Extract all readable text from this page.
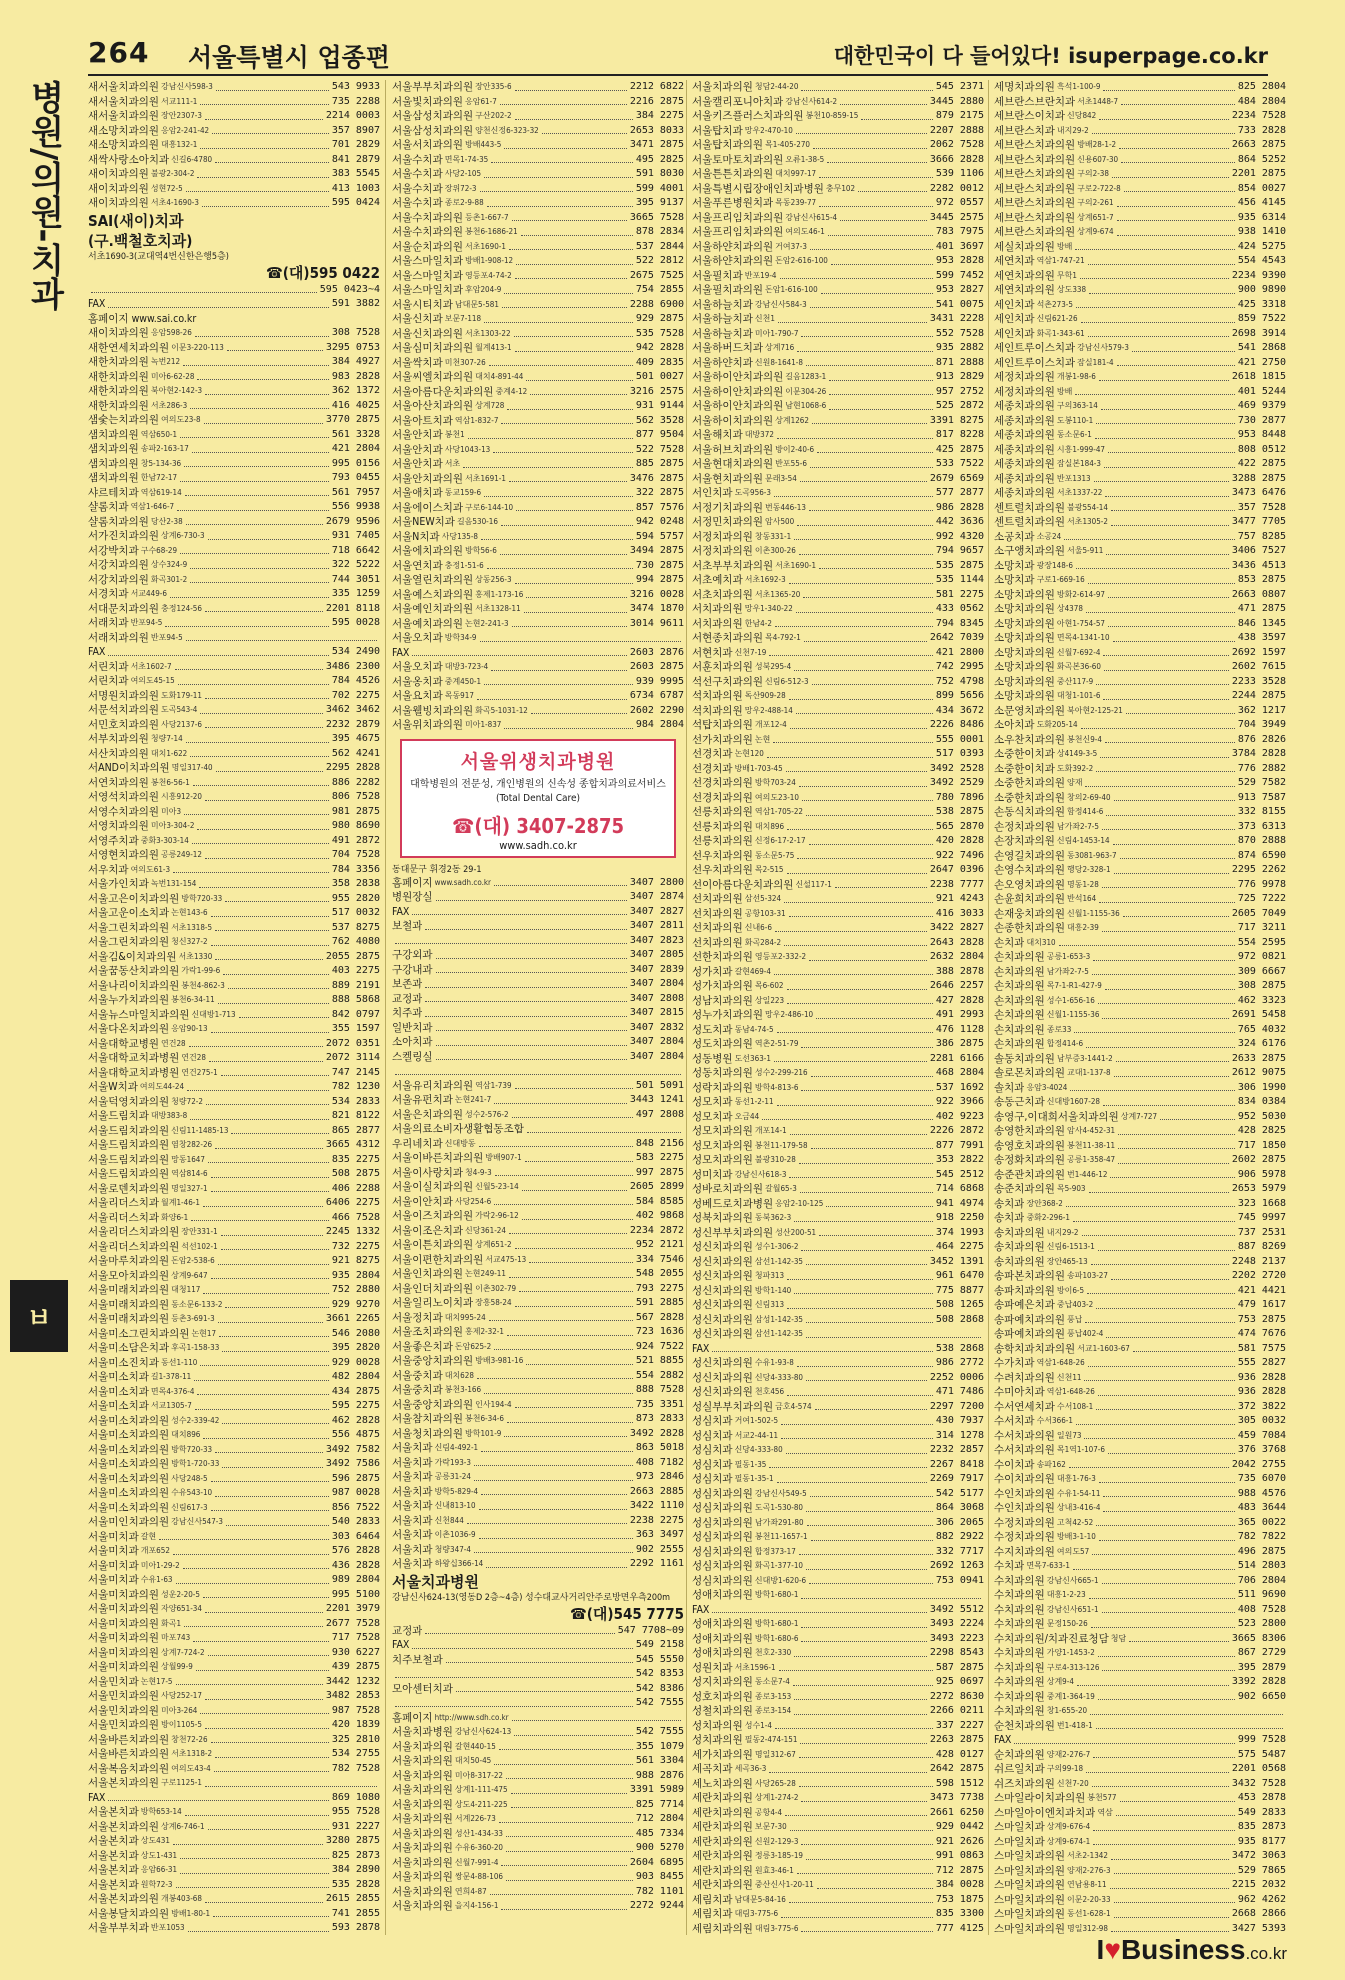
264 서울특별시 업종편	대한민국이 다 들어있다! isuperpage.co.kr
병원/의원-치과
ㅂ
새서울치과의원 강남신사598-3	543 9933
새서울치과의원 서교111-1	735 2288
새서울치과의원 장안2307-3	2214 0003
새소망치과의원 응암2-241-42	357 8907
새소망치과의원 대흥132-1	701 2829
새싹사랑소아치과 신길6-4780	841 2879
새이치과의원 불광2-304-2	383 5545
새이치과의원 성현72-5	413 1003
새이치과의원 서초4-1690-3	595 0424
SAI(새이)치과
(구.백철호치과)
서초1690-3(교대역4번신한은행5층)
☎(대)595 0422
595 0423~4
FAX	591 3882
홈페이지 www.sai.co.kr
새이치과의원 응암598-26	308 7528
새한연세치과의원 이문3-220-113	3295 0753
새한치과의원 녹번212	384 4927
새한치과의원 미아6-62-28	983 2828
새한치과의원 북아현2-142-3	362 1372
새한치과의원 서초286-3	416 4025
샘숯는치과의원 여의도23-8	3770 2875
샘치과의원 역삼650-1	561 3328
샘치과의원 송파2-163-17	421 2804
샘치과의원 창5-134-36	995 0156
샘치과의원 한남72-17	793 0455
샤르테치과 역삼619-14	561 7957
샬롬치과 역삼1-646-7	556 9938
샬롬치과의원 당산2-38	2679 9596
서가진치과의원 상계6-730-3	931 7405
서강박치과 구수68-29	718 6642
서강치과의원 상수324-9	322 5222
서강치과의원 화곡301-2	744 3051
서경치과 서교449-6	335 1259
서대문치과의원 충정124-56	2201 8118
서래치과 반포94-5	595 0028
서래치과의원 반포94-5
FAX	534 2490
서린치과 서초1602-7	3486 2300
서린치과 여의도45-15	784 4526
서명원치과의원 도화179-11	702 2275
서문석치과의원 도곡543-4	3462 3462
서민호치과의원 사당2137-6	2232 2879
서부치과의원 청량7-14	395 4675
서산치과의원 대치1-622	562 4241
서AND이치과의원 명일317-40	2295 2828
서연치과의원 봉천6-56-1	886 2282
서영석치과의원 시흥912-20	806 7528
서영수치과의원 미아3	981 2875
서영치과의원 미아3-304-2	980 8690
서영주치과 중화3-303-14	491 2872
서영현치과의원 공릉249-12	704 7528
서우치과 여의도61-3	784 3356
서울가인치과 녹번131-154	358 2838
서울고은이치과의원 방학720-33	955 2820
서울고운이소치과 논현143-6	517 0032
서울그린치과의원 서초1318-5	537 8275
서울그린치과의원 청신327-2	762 4080
서울김&이치과의원 서초1330	2055 2875
서울꿈동산치과의원 가락1-99-6	403 2275
서울나리이치과의원 봉천4-862-3	889 2191
서울누가치과의원 봉천6-34-11	888 5868
서울뉴스마일치과의원 신대방1-713	842 0797
서울다온치과의원 응암90-13	355 1597
서울대학교병원 연건28	2072 0351
서울대학교치과병원 연건28	2072 3114
서울대학교치과병원 연건275-1	747 2145
서울W치과 여의도44-24	782 1230
서울덕영치과의원 청량72-2	534 2833
서울드림치과 대방383-8	821 8122
서울드림치과의원 신림11-1485-13	865 2877
서울드림치과의원 염창282-26	3665 4312
서울드림치과의원 망동1647	835 2275
서울드림치과의원 역삼814-6	508 2875
서울로덴치과의원 명일327-1	406 2288
서울리더스치과 월계1-46-1	6406 2275
서울리더스치과 화양6-1	466 7528
서울리더스치과의원 장안331-1	2245 1332
서울리더스치과의원 석선102-1	732 2275
서울마루치과의원 돈암2-538-6	921 8275
서울모아치과의원 상계9-647	935 2804
서울미래치과의원 대청117	752 2880
서울미래치과의원 동소문6-133-2	929 9270
서울미래치과의원 등촌3-691-3	3661 2265
서울미소그린치과의원 논현17	546 2080
서울미소담은치과 후곡1-158-33	395 2820
서울미소진치과 동선1-110	929 0028
서울미소치과 길1-378-11	482 2804
서울미소치과 면목4-376-4	434 2875
서울미소치과 서교1305-7	595 2275
서울미소치과의원 성수2-339-42	462 2828
서울미소치과의원 대치896	556 4875
서울미소치과의원 방학720-33	3492 7582
서울미소치과의원 방학1-720-33	3492 7586
서울미소치과의원 사당248-5	596 2875
서울미소치과의원 수유543-10	987 0028
서울미소치과의원 신림617-3	856 7522
서울미인치과의원 강남신사547-3	540 2833
서울미치과 갈현	303 6464
서울미치과 개포652	576 2828
서울미치과 미아1-29-2	436 2828
서울미치과 수유1-63	989 2804
서울미치과의원 성운2-20-5	995 5100
서울미치과의원 자양651-34	2201 3979
서울미치과의원 화곡1	2677 7528
서울미치과의원 마포743	717 7528
서울미치과의원 상계7-724-2	930 6227
서울미치과의원 상월99-9	439 2875
서울민치과 논현17-5	3442 1232
서울민치과의원 사당252-17	3482 2853
서울민치과의원 미아3-264	987 7528
서울민치과의원 방이1105-5	420 1839
서울바른치과의원 창천72-26	325 2810
서울바른치과의원 서초1318-2	534 2755
서울복음치과의원 여의도43-4	782 7528
서울본치과의원 구로1125-1
FAX	869 1080
서울본치과 방학653-14	955 7528
서울본치과의원 상계6-746-1	931 2227
서울본치과 상도431	3280 2875
서울본치과 상도1-431	825 2873
서울본치과 응암66-31	384 2890
서울본치과 원학72-3	535 2828
서울본치과의원 개봉403-68	2615 2855
서울봉달치과의원 방배1-80-1	741 2855
서울부부치과 반포1053	593 2878
서울부부치과의원 장안335-6	2212 6822
서울빛치과의원 응암61-7	2216 2875
서울삼성치과의원 구산202-2	384 2275
서울삼성치과의원 양천신정6-323-32	2653 8033
서울서치과의원 방배443-5	3471 2875
서울수치과 면목1-74-35	495 2825
서울수치과 사당2-105	591 8030
서울수치과 장위72-3	599 4001
서울수치과 종로2-9-88	395 9137
서울수치과의원 등촌1-667-7	3665 7528
서울수치과의원 봉천6-1686-21	878 2834
서울순치과의원 서초1690-1	537 2844
서울스마일치과 방배1-908-12	522 2812
서울스마일치과 영등포4-74-2	2675 7525
서울스마일치과 후암204-9	754 2855
서울시티치과 남대문5-581	2288 6900
서울신치과 보문7-118	929 2875
서울신치과의원 서초1303-22	535 7528
서울심미치과의원 월계413-1	942 2828
서울싹치과 미천307-26	409 2835
서울씨엘치과의원 대치4-891-44	501 0027
서울아름다운치과의원 중계4-12	3216 2575
서울아산치과의원 상계728	931 9144
서울아트치과 역삼1-832-7	562 3528
서울안치과 봉천1	877 9504
서울안치과 사당1043-13	522 7528
서울안치과 서초	885 2875
서울안치과의원 서초1691-1	3476 2875
서울애치과 동교159-6	322 2875
서울에이스치과 구로6-144-10	857 7576
서울NEW치과 길음530-16	942 0248
서울N치과 사당135-8	594 5757
서울에치과의원 방학56-6	3494 2875
서울연치과 충정1-51-6	730 2875
서울열린치과의원 상동256-3	994 2875
서울예스치과의원 홍제1-173-16	3216 0028
서울예인치과의원 서초1328-11	3474 1870
서울예치과의원 논현2-241-3	3014 9611
서울오치과 방학34-9
FAX	2603 2876
서울오치과 대방3-723-4	2603 2875
서울옹치과 중계450-1	939 9995
서울요치과 목동917	6734 6787
서울웰빙치과의원 화곡5-1031-12	2602 2290
서울위치과의원 미아1-837	984 2804
서울위생치과병원
대학병원의 전문성, 개인병원의 신속성 종합치과의료서비스(Total Dental Care)
☎(대) 3407-2875
www.sadh.co.kr
동대문구 휘경2동 29-1
홈페이지 www.sadh.co.kr	3407 2800
병원장실	3407 2874
FAX	3407 2827
보철과	3407 2811
3407 2823
구강외과	3407 2805
구강내과	3407 2839
보존과	3407 2804
교정과	3407 2808
치주과	3407 2815
일반치과	3407 2832
소아치과	3407 2804
스켈링실	3407 2804
서울유리치과의원 역삼1-739	501 5091
서울유펀치과 논현241-7	3443 1241
서울은치과의원 성수2-576-2	497 2808
서울의료소비자생활협동조합
우리네치과 신대방동	848 2156
서울이바른치과의원 방배907-1	583 2275
서울이사랑치과 청4-9-3	997 2875
서울이실치과의원 신월5-23-14	2605 2899
서울이안치과 사당254-6	584 8585
서울이즈치과의원 가락2-96-12	402 9868
서울이조은치과 신당361-24	2234 2872
서울이튼치과의원 상계651-2	952 2121
서울이편한치과의원 서교475-13	334 7546
서울인치과의원 논현249-11	548 2055
서울인더치과의원 이촌302-79	793 2275
서울일리노이치과 장흥58-24	591 2885
서울정치과 대치995-24	567 2828
서울조치과의원 홍제2-32-1	723 1636
서울좋은치과 돈암625-2	924 7522
서울중앙치과의원 방배3-981-16	521 8855
서울중치과 대치628	554 2882
서울중치과 봉천3-166	888 7528
서울중앙치과의원 인사194-4	735 3351
서울참치과의원 봉천6-34-6	873 2833
서울청치과의원 방학101-9	3492 2828
서울치과 신림4-492-1	863 5018
서울치과 가락193-3	408 7182
서울치과 공릉31-24	973 2846
서울치과 방학5-829-4	2663 2885
서울치과 신내813-10	3422 1110
서울치과 신천844	2238 2275
서울치과 이촌1036-9	363 3497
서울치과 청량347-4	902 2555
서울치과 하왕십366-14	2292 1161
서울치과병원
강남신사624-13(영동D 2층~4층) 성수대교사거리안주로방면우측200m
☎(대)545 7775
교정과	547 7708~09
FAX	549 2158
치주보철과	545 5550
542 8353
모아센터치과	542 8386
542 7555
홈페이지 http://www.sdh.co.kr
서울치과병원 강남신사624-13	542 7555
서울치과의원 갈현440-15	355 1079
서울치과의원 대치50-45	561 3304
서울치과의원 미아8-317-22	988 2876
서울치과의원 상계1-111-475	3391 5989
서울치과의원 상도4-211-225	825 7714
서울치과의원 서계226-73	712 2804
서울치과의원 성산1-434-33	485 7334
서울치과의원 수유6-360-20	900 5270
서울치과의원 신월7-991-4	2604 6895
서울치과의원 쌍문4-88-106	903 8455
서울치과의원 연희4-87	782 1101
서울치과의원 을지4-156-1	2272 9244
서울치과의원 청담2-44-20	545 2371
서울캘리포니아치과 강남신사614-2	3445 2880
서울키즈플러스치과의원 봉천10-859-15	879 2175
서울탑치과 망우2-470-10	2207 2888
서울탑치과의원 목1-405-270	2062 7528
서울토마토치과의원 오류1-38-5	3666 2828
서울튼튼치과의원 대치997-17	539 1106
서울특별시립장애인치과병원 충무102	2282 0012
서울푸른병원치과 목동239-77	972 0557
서울프리임치과의원 강남신사615-4	3445 2575
서울프리임치과의원 여의도46-1	783 7975
서울하얀치과의원 거여37-3	401 3697
서울하얀치과의원 돈암2-616-100	953 2828
서울필치과 반포19-4	599 7452
서울필치과의원 돈암1-616-100	953 2827
서울하늘치과 강남신사584-3	541 0075
서울하늘치과 신천1	3431 2228
서울하늘치과 미아1-790-7	552 7528
서울하버드치과 상계716	935 2882
서울하얀치과 신원8-1641-8	871 2888
서울하이안치과의원 길음1283-1	913 2829
서울하이안치과의원 이문304-26	957 2752
서울하이안치과의원 남현1068-6	525 2872
서울하이치과의원 상계1262	3391 8275
서울해치과 대방372	817 8228
서울허브치과의원 방이2-40-6	425 2875
서울현대치과의원 반포55-6	533 7522
서울현치과의원 문래3-54	2679 6569
서인치과 도곡956-3	577 2877
서정기치과의원 번동446-13	986 2828
서정민치과의원 암사500	442 3636
서정치과의원 창동331-1	992 4320
서정치과의원 이촌300-26	794 9657
서초부부치과의원 서초1690-1	535 2875
서초예치과 서초1692-3	535 1144
서초치과의원 서초1365-20	581 2275
서치과의원 망우1-340-22	433 0562
서치과의원 한남4-2	794 8345
서현종치과의원 목4-792-1	2642 7039
서현치과 신천7-19	421 2800
서훈치과의원 성북295-4	742 2995
석선구치과의원 신림6-512-3	752 4798
석치과의원 독산909-28	899 5656
석치과의원 망우2-488-14	434 3672
석탑치과의원 개포12-4	2226 8486
선가치과의원 논현	555 0001
선경치과 논현120	517 0393
선경치과 방배1-703-45	3492 2528
선경치과의원 방학703-24	3492 2529
선경치과의원 여의도23-10	780 7896
선릉치과의원 역삼1-705-22	538 2875
선릉치과의원 대치896	565 2870
선릉치과의원 신정6-17-2-17	420 2828
선우치과의원 동소문5-75	922 7496
선우치과의원 목2-515	2647 0396
선이아름다운치과의원 신설117-1	2238 7777
선치과의원 삼선5-324	921 4243
선치과의원 공항103-31	416 3033
선치과의원 신내6-6	3422 2827
선치과의원 화곡284-2	2643 2828
선한치과의원 영등포2-332-2	2632 2804
성가치과 갈현469-4	388 2878
성가치과의원 목6-602	2646 2257
성남치과의원 상일223	427 2828
성누가치과의원 망우2-486-10	491 2993
성도치과 동남4-74-5	476 1128
성도치과의원 역촌2-51-79	386 2875
성동병원 도선363-1	2281 6166
성동치과의원 성수2-299-216	468 2804
성락치과의원 방학4-813-6	537 1692
성모치과 동선1-2-11	922 3966
성모치과 오금44	402 9223
성모치과의원 개포14-1	2226 2872
성모치과의원 봉천11-179-58	877 7991
성모치과의원 불광310-28	353 2822
성미치과 강남신사618-3	545 2512
성바로치과의원 갈월65-3	714 6868
성베드로치과병원 응암2-10-125	941 4974
성북치과의원 동북362-3	918 2250
성신부부치과의원 성산200-51	374 1993
성신치과의원 성수1-306-2	464 2275
성신치과의원 삼선1-142-35	3452 1391
성신치과의원 청파313	961 6470
성신치과의원 방학1-140	775 8877
성신치과의원 신림313	508 1265
성신치과의원 삼성1-142-35	508 2868
성신치과의원 삼선1-142-35
FAX	538 2868
성신치과의원 수유1-93-8	986 2772
성신치과의원 신당4-333-80	2252 0006
성신치과의원 천호456	471 7486
성실부부치과의원 금호4-574	2297 7200
성심치과 거여1-502-5	430 7937
성심치과 서교2-44-11	314 1278
성심치과 신당4-333-80	2232 2857
성심치과 필동1-35	2267 8418
성심치과 필동1-35-1	2269 7917
성심치과의원 강남신사549-5	542 5177
성심치과의원 도곡1-530-80	864 3068
성심치과의원 남가좌291-80	306 2065
성심치과의원 봉천11-1657-1	882 2922
성심치과의원 합정373-17	332 7717
성심치과의원 화곡1-377-10	2692 1263
성심치과의원 신대방1-620-6	753 0941
성애치과의원 방학1-680-1
FAX	3492 5512
성애치과의원 방학1-680-1	3493 2224
성애치과의원 방학1-680-6	3493 2223
성애치과의원 천호2-330	2298 8543
성원치과 서초1596-1	587 2875
성지치과의원 동소문7-4	925 0697
성호치과의원 종로3-153	2272 8630
성철치과의원 종로3-154	2266 0211
성치과의원 성수1-4	337 2227
성치과의원 필동2-474-151	2263 2875
세가치과의원 명일312-67	428 0127
세곡치과 세곡36-3	2642 2875
세노치과의원 사당265-28	598 1512
세란치과의원 상계1-274-2	3473 7738
세란치과의원 공항4-4	2661 6250
세란치과의원 보문7-30	929 0442
세란치과의원 신원2-129-3	921 2626
세란치과의원 정릉3-185-19	991 0863
세란치과의원 원효3-46-1	712 2875
세란치과의원 중산신사1-20-11	384 0028
세림치과 남대문5-84-16	753 1875
세림치과 대림3-775-6	835 3300
세림치과의원 대림3-775-6	777 4125
세명치과의원 흑석1-100-9	825 2804
세브란스브란치과 서초1448-7	484 2804
세브란스이치과 신당842	2234 7528
세브란스치과 내지29-2	733 2828
세브란스치과의원 방배28-1-2	2663 2875
세브란스치과의원 신용607-30	864 5252
세브란스치과의원 구의2-38	2201 2875
세브란스치과의원 구로2-722-8	854 0027
세브란스치과의원 구의2-261	456 4145
세브란스치과의원 상계651-7	935 6314
세브란스치과의원 상계9-674	938 1410
세실치과의원 방배	424 5275
세연치과 역삼1-747-21	554 4543
세연치과의원 무학1	2234 9390
세연치과의원 상도338	900 9890
세인치과 석촌273-5	425 3318
세인치과 신림621-26	859 7522
세인치과 화곡1-343-61	2698 3914
세인트루이스치과 강남신사579-3	541 2868
세인트루이스치과 잠실181-4	421 2750
세정치과의원 개봉1-98-6	2618 1815
세정치과의원 방배	401 5244
세종치과의원 구의363-14	469 9379
세종치과의원 도봉110-1	730 2877
세종치과의원 동소문6-1	953 8448
세종치과의원 시흥1-999-47	808 0512
세종치과의원 잠실본184-3	422 2875
세종치과의원 반포1313	3288 2875
세종치과의원 서초1337-22	3473 6476
센트럴치과의원 불광554-14	357 7528
센트럴치과의원 서초1305-2	3477 7705
소공치과 소공24	757 8285
소구앵치과의원 서울5-911	3406 7527
소망치과 광장148-6	3436 4513
소망치과 구로1-669-16	853 2875
소망치과의원 방화2-614-97	2663 0807
소망치과의원 상4378	471 2875
소망치과의원 아현1-754-57	846 1345
소망치과의원 면목4-1341-10	438 3597
소망치과의원 신월7-692-4	2692 1597
소망치과의원 화곡본36-60	2602 7615
소망치과의원 중산117-9	2233 3528
소망치과의원 대청1-101-6	2244 2875
소문영치과의원 북아현2-125-21	362 1217
소아치과 도화205-14	704 3949
소우찬치과의원 봉천신9-4	876 2826
소중한이치과 상4149-3-5	3784 2828
소중한이치과 도화392-2	776 2882
소중한치과의원 양재	529 7582
소중한치과의원 창의2-69-40	913 7587
손동식치과의원 함정414-6	332 8155
손정치과의원 남가좌2-7-5	373 6313
손장치과의원 신림4-1453-14	870 2888
손영길치과의원 동3081-963-7	874 6590
손영수치과의원 행당2-328-1	2295 2262
손오영치과의원 명동1-28	776 9978
손윤희치과의원 반석164	725 7222
손재웅치과의원 신월1-1155-36	2605 7049
손종한치과의원 대흥2-39	717 3211
손치과 대치310	554 2595
손치과의원 공릉1-653-3	972 0821
손치과의원 남가좌2-7-5	309 6667
손치과의원 목7-1-R1-427-9	308 2875
손치과의원 성수1-656-16	462 3323
손치과의원 신월1-1155-36	2691 5458
손치과의원 종로33	765 4032
손치과의원 합정414-6	324 6176
솔동치과의원 남부증3-1441-2	2633 2875
솔로몬치과의원 교대1-137-8	2612 9075
솔치과 응암3-4024	306 1990
송동근치과 신대방1607-28	834 0384
송영구,이대희서울치과의원 상계7-727	952 5030
송영한치과의원 암사4-452-31	428 2825
송영호치과의원 봉천11-38-11	717 1850
송정화치과의원 공릉1-358-47	2602 2875
송준관치과의원 번1-446-12	906 5978
송준치과의원 목5-903	2653 5979
송치과 장안368-2	323 1668
송치과 중화2-296-1	745 9997
송치과의원 내지29-2	737 2531
송치과의원 신림6-1513-1	887 8269
송치과의원 장안465-13	2248 2137
송파본치과의원 송파103-27	2202 2720
송파치과의원 방이6-5	421 4421
송파예은치과 중납403-2	479 1617
송파예치과의원 풍납	753 2875
송파예치과의원 풍납402-4	474 7676
송학치과치과의원 서교1-1603-67	581 7575
수가치과 역삼1-648-26	555 2827
수려치과의원 신천11	936 2828
수미아치과 역삼1-648-26	936 2828
수서연세치과 수서108-1	372 3822
수서치과 수서366-1	305 0032
수서치과의원 일원73	459 7084
수서치과의원 목1역1-107-6	376 3768
수이치과 송파162	2042 2755
수이치과의원 대흥1-76-3	735 6070
수인치과의원 수유1-54-11	988 4576
수인치과의원 상내3-416-4	483 3644
수정치과의원 고척42-52	365 0022
수정치과의원 방배3-1-10	782 7822
수지치과의원 여의도57	496 2875
수치과 면목7-633-1	514 2803
수치과의원 강남신사665-1	706 2804
수치과의원 대흥1-2-23	511 9690
수치과의원 강남신사651-1	408 7528
수치과의원 문정150-26	523 2800
수치과의원/치과진료청담 청담	3665 8306
수치과의원 가양1-1453-2	867 2729
수치과의원 구로4-313-126	395 2879
수치과의원 상계9-4	3392 2828
수치과의원 중계1-364-19	902 6650
수치과의원 창1-655-20
순천치과의원 번1-418-1
FAX	999 7528
순치과의원 양재2-276-7	575 5487
쉬르일치과 구의99-18	2201 0568
쉬즈치과의원 신천7-20	3432 7528
스마일라이치과의원 봉천577	453 2878
스마일아이엔치과치과 역삼	549 2833
스마일치과 상계9-676-4	835 2873
스마일치과 상계9-674-1	935 8177
스마일치과의원 서초2-1342	3472 3063
스마일치과의원 양재2-276-3	529 7865
스마일치과의원 연남용8-11	2215 2032
스마일치과의원 이문2-20-33	962 4262
스마일치과의원 동선1-628-1	2668 2866
스마일치과의원 명일312-98	3427 5393
I♥Business.co.kr
